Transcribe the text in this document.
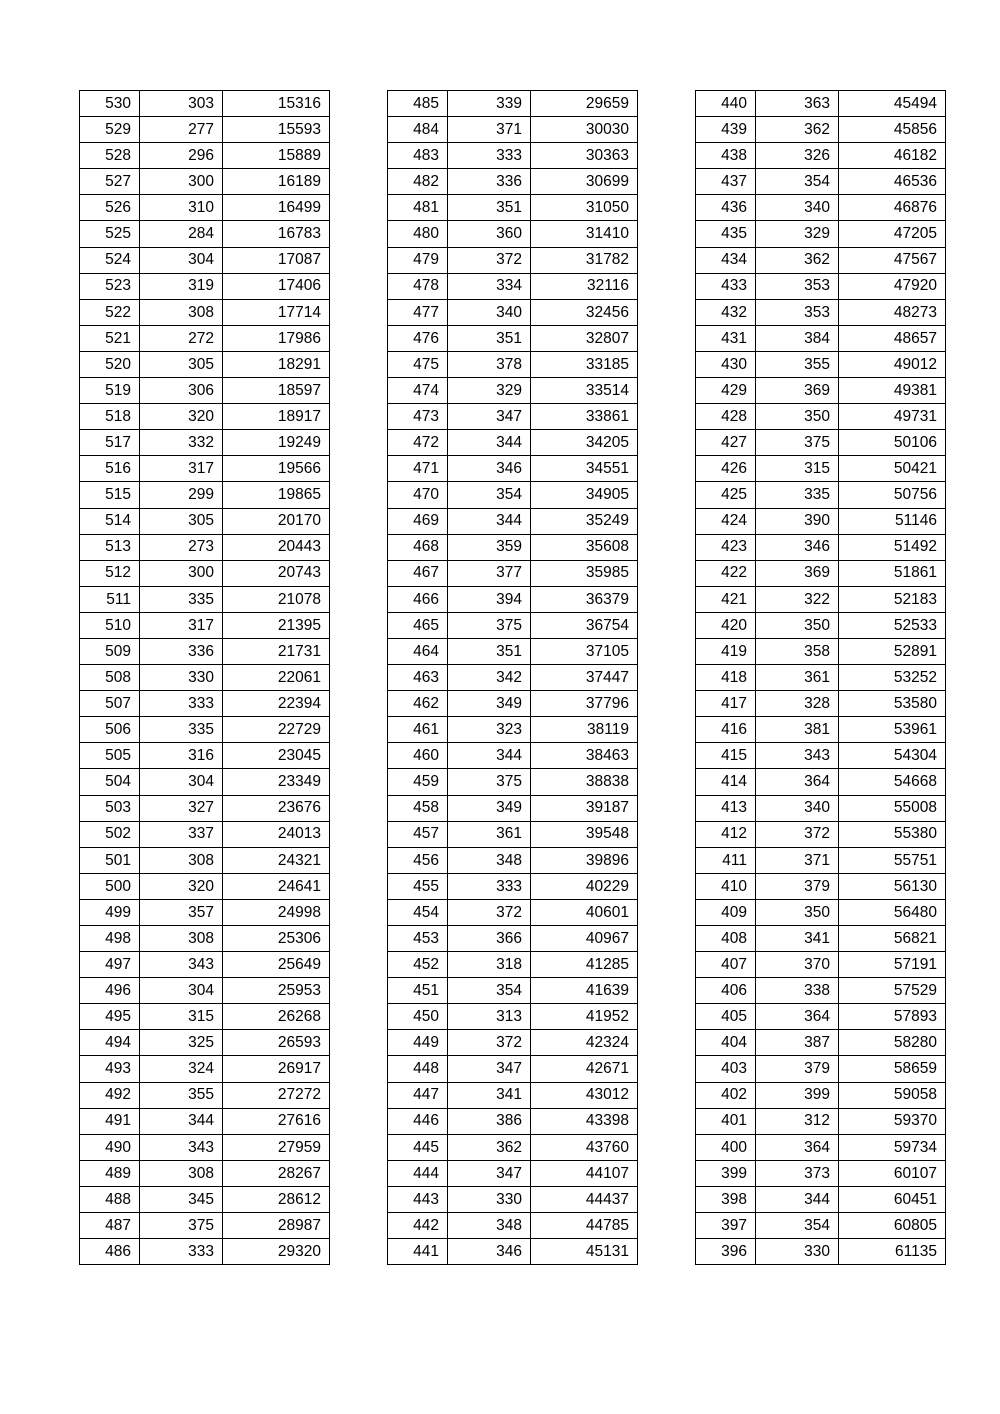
530	303	15316
529	277	15593
528	296	15889
527	300	16189
526	310	16499
525	284	16783
524	304	17087
523	319	17406
522	308	17714
521	272	17986
520	305	18291
519	306	18597
518	320	18917
517	332	19249
516	317	19566
515	299	19865
514	305	20170
513	273	20443
512	300	20743
511	335	21078
510	317	21395
509	336	21731
508	330	22061
507	333	22394
506	335	22729
505	316	23045
504	304	23349
503	327	23676
502	337	24013
501	308	24321
500	320	24641
499	357	24998
498	308	25306
497	343	25649
496	304	25953
495	315	26268
494	325	26593
493	324	26917
492	355	27272
491	344	27616
490	343	27959
489	308	28267
488	345	28612
487	375	28987
486	333	29320
485	339	29659
484	371	30030
483	333	30363
482	336	30699
481	351	31050
480	360	31410
479	372	31782
478	334	32116
477	340	32456
476	351	32807
475	378	33185
474	329	33514
473	347	33861
472	344	34205
471	346	34551
470	354	34905
469	344	35249
468	359	35608
467	377	35985
466	394	36379
465	375	36754
464	351	37105
463	342	37447
462	349	37796
461	323	38119
460	344	38463
459	375	38838
458	349	39187
457	361	39548
456	348	39896
455	333	40229
454	372	40601
453	366	40967
452	318	41285
451	354	41639
450	313	41952
449	372	42324
448	347	42671
447	341	43012
446	386	43398
445	362	43760
444	347	44107
443	330	44437
442	348	44785
441	346	45131
440	363	45494
439	362	45856
438	326	46182
437	354	46536
436	340	46876
435	329	47205
434	362	47567
433	353	47920
432	353	48273
431	384	48657
430	355	49012
429	369	49381
428	350	49731
427	375	50106
426	315	50421
425	335	50756
424	390	51146
423	346	51492
422	369	51861
421	322	52183
420	350	52533
419	358	52891
418	361	53252
417	328	53580
416	381	53961
415	343	54304
414	364	54668
413	340	55008
412	372	55380
411	371	55751
410	379	56130
409	350	56480
408	341	56821
407	370	57191
406	338	57529
405	364	57893
404	387	58280
403	379	58659
402	399	59058
401	312	59370
400	364	59734
399	373	60107
398	344	60451
397	354	60805
396	330	61135
